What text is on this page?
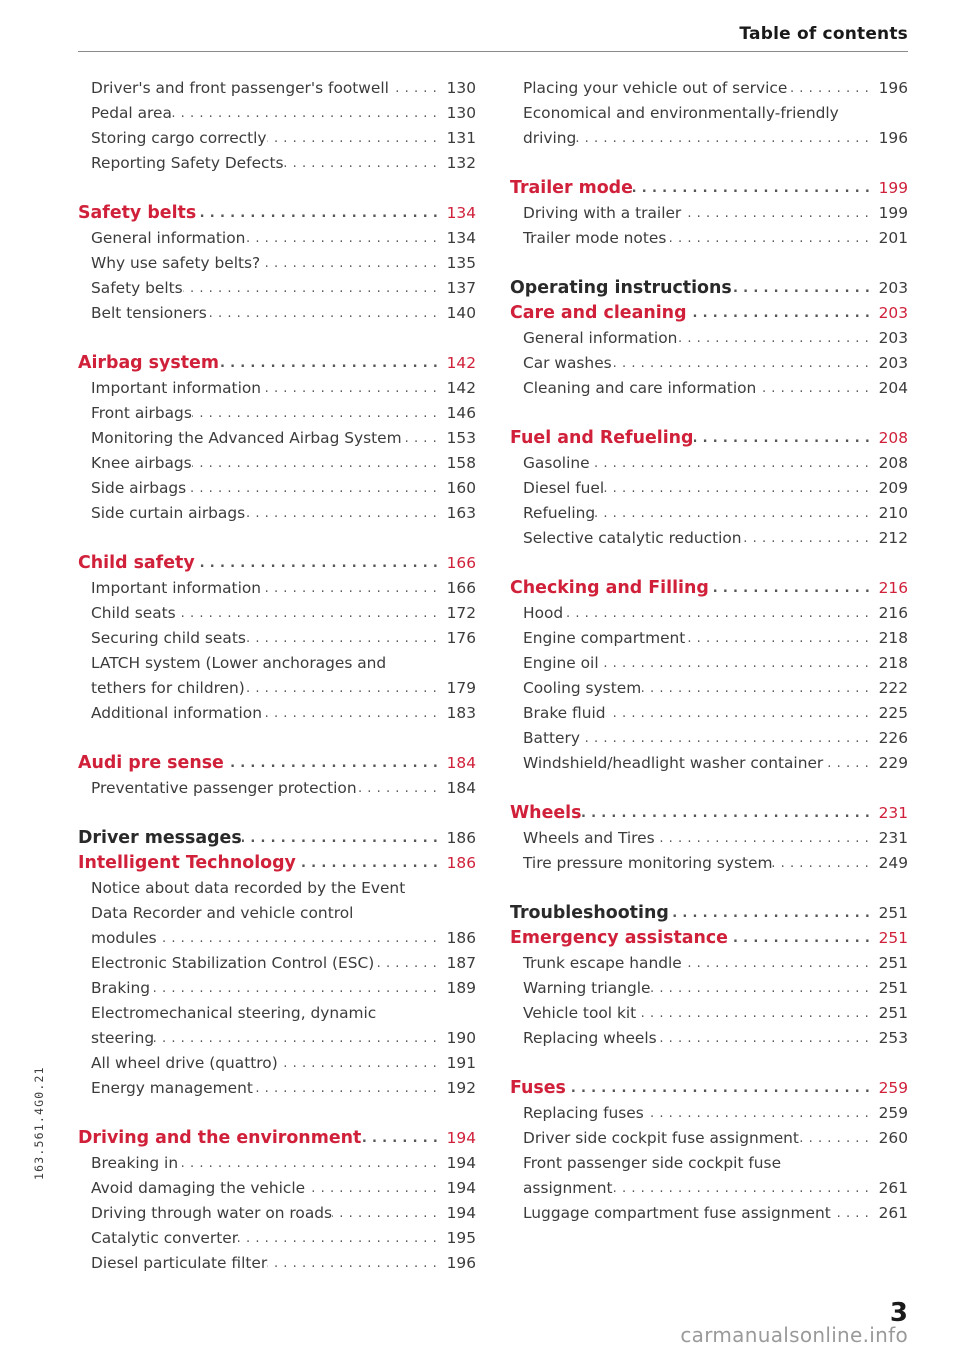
Table of contents
.....
Driver's and front passenger's footwell	130
.....
Pedal area	130
.....
Storing cargo correctly	131
.....
Reporting Safety Defects	132
.....
Safety belts	134
.....
General information	134
.....
Why use safety belts?	135
.....
Safety belts	137
.....
Belt tensioners	140
.....
Airbag system	142
.....
Important information	142
.....
Front airbags	146
.....
Monitoring the Advanced Airbag System	153
.....
Knee airbags	158
.....
Side airbags	160
.....
Side curtain airbags	163
.....
Child safety	166
.....
Important information	166
.....
Child seats	172
.....
Securing child seats	176
LATCH system (Lower anchorages and
.....
tethers for children)	179
.....
Additional information	183
.....
Audi pre sense	184
.....
Preventative passenger protection	184
.....
Driver messages	186
.....
Intelligent Technology	186
Notice about data recorded by the Event
Data Recorder and vehicle control
.....
modules	186
.....
Electronic Stabilization Control (ESC)	187
.....
Braking	189
Electromechanical steering, dynamic
.....
steering	190
.....
All wheel drive (quattro)	191
.....
Energy management	192
.....
Driving and the environment	194
.....
Breaking in	194
.....
Avoid damaging the vehicle	194
.....
Driving through water on roads	194
.....
Catalytic converter	195
.....
Diesel particulate filter	196
.....
Placing your vehicle out of service	196
Economical and environmentally-friendly
.....
driving	196
.....
Trailer mode	199
.....
Driving with a trailer	199
.....
Trailer mode notes	201
.....
Operating instructions	203
.....
Care and cleaning	203
.....
General information	203
.....
Car washes	203
.....
Cleaning and care information	204
.....
Fuel and Refueling	208
.....
Gasoline	208
.....
Diesel fuel	209
.....
Refueling	210
.....
Selective catalytic reduction	212
.....
Checking and Filling	216
.....
Hood	216
.....
Engine compartment	218
.....
Engine oil	218
.....
Cooling system	222
.....
Brake fluid	225
.....
Battery	226
.....
Windshield/headlight washer container	229
.....
Wheels	231
.....
Wheels and Tires	231
.....
Tire pressure monitoring system	249
.....
Troubleshooting	251
.....
Emergency assistance	251
.....
Trunk escape handle	251
.....
Warning triangle	251
.....
Vehicle tool kit	251
.....
Replacing wheels	253
.....
Fuses	259
.....
Replacing fuses	259
.....
Driver side cockpit fuse assignment	260
Front passenger side cockpit fuse
.....
assignment	261
.....
Luggage compartment fuse assignment	261
163.561.4G0.21
3
carmanualsonline.info
